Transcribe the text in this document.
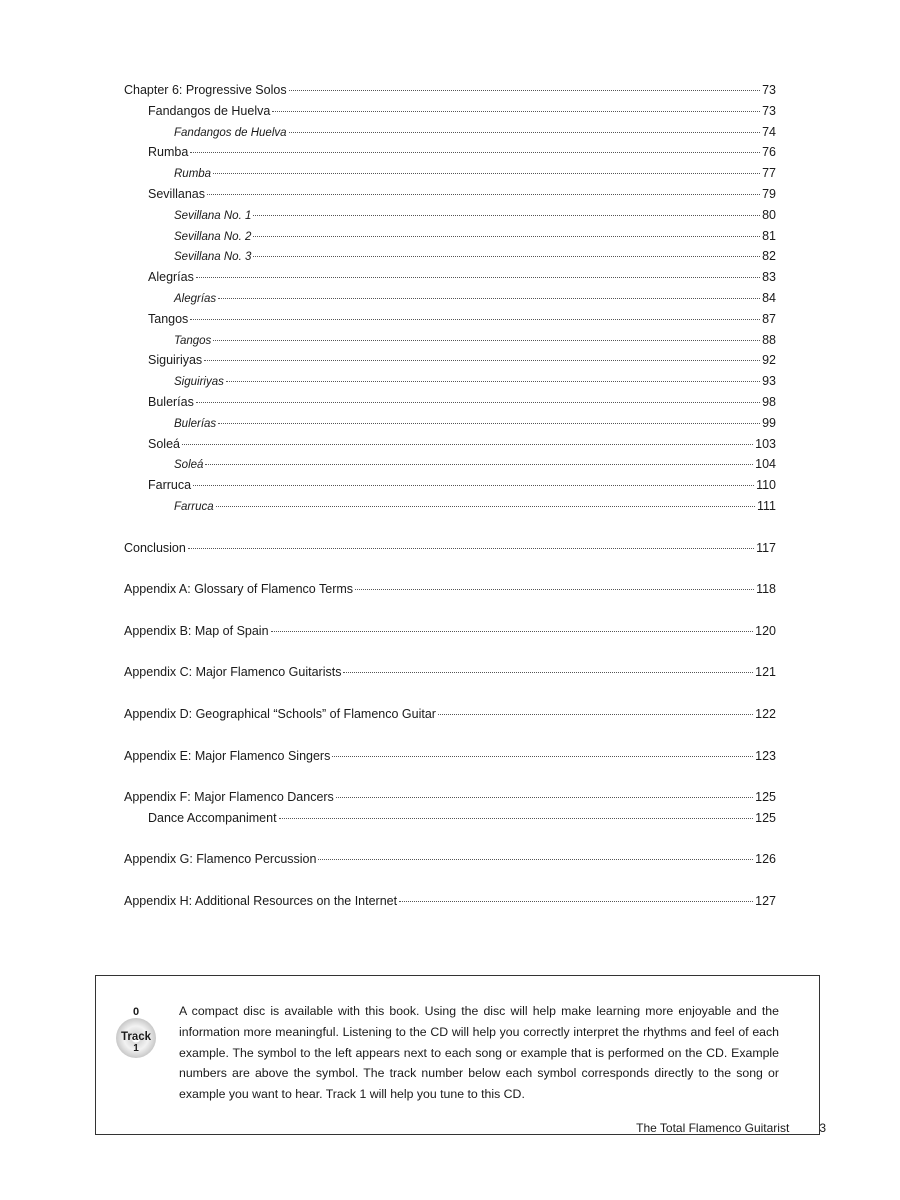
Chapter 6: Progressive Solos	73
Fandangos de Huelva	73
Fandangos de Huelva	74
Rumba	76
Rumba	77
Sevillanas	79
Sevillana No. 1	80
Sevillana No. 2	81
Sevillana No. 3	82
Alegrías	83
Alegrías	84
Tangos	87
Tangos	88
Siguiriyas	92
Siguiriyas	93
Bulerías	98
Bulerías	99
Soleá	103
Soleá	104
Farruca	110
Farruca	111
Conclusion	117
Appendix A: Glossary of Flamenco Terms	118
Appendix B: Map of Spain	120
Appendix C: Major Flamenco Guitarists	121
Appendix D: Geographical “Schools” of Flamenco Guitar	122
Appendix E: Major Flamenco Singers	123
Appendix F: Major Flamenco Dancers	125
Dance Accompaniment	125
Appendix G: Flamenco Percussion	126
Appendix H: Additional Resources on the Internet	127
0
Track
1
A compact disc is available with this book. Using the disc will help make learning more enjoyable and the information more meaningful. Listening to the CD will help you correctly interpret the rhythms and feel of each example. The symbol to the left appears next to each song or example that is performed on the CD. Example numbers are above the symbol. The track number below each symbol corresponds directly to the song or example you want to hear. Track 1 will help you tune to this CD.
The Total Flamenco Guitarist	3
